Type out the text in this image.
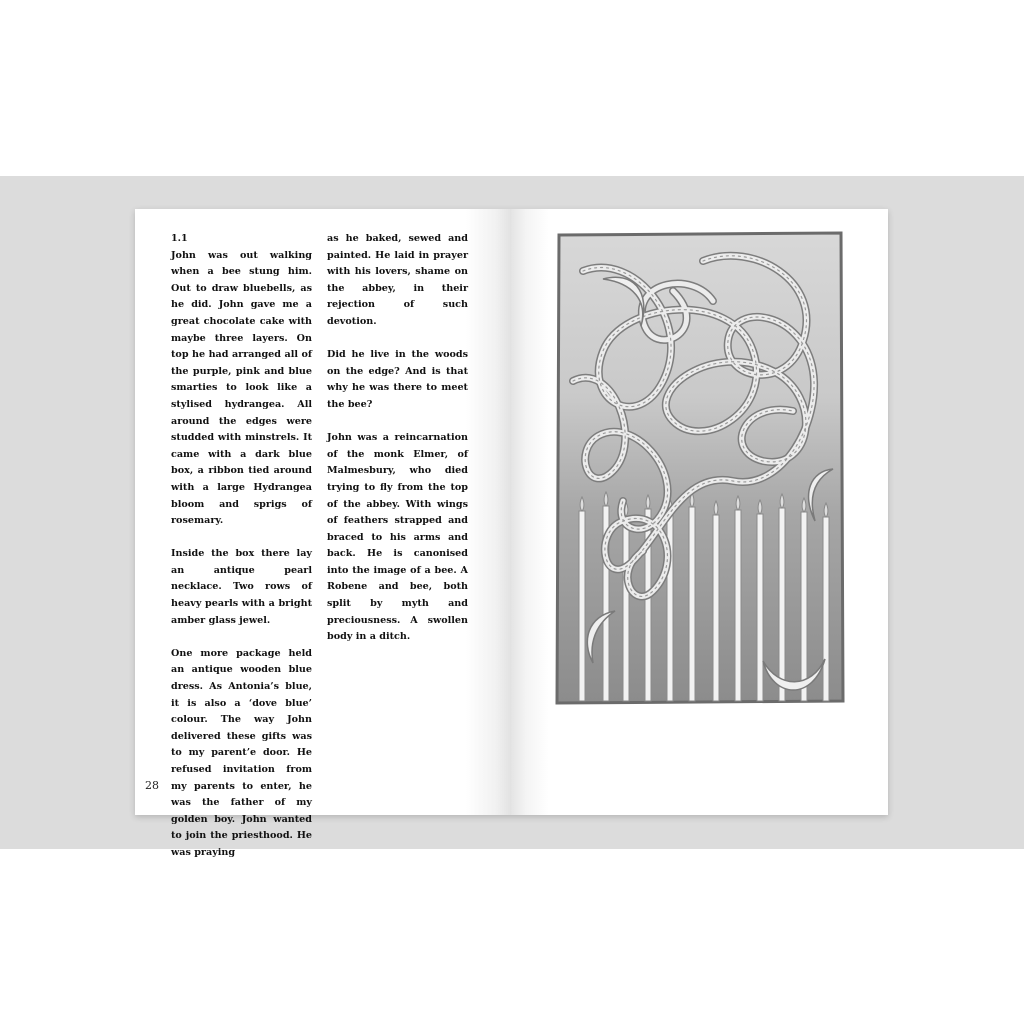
1.1
John was out walking when a bee stung him. Out to draw bluebells, as he did. John gave me a great chocolate cake with maybe three layers. On top he had arranged all of the purple, pink and blue smarties to look like a stylised hydrangea. All around the edges were studded with minstrels. It came with a dark blue box, a ribbon tied around with a large Hydrangea bloom and sprigs of rosemary.

Inside the box there lay an antique pearl necklace. Two rows of heavy pearls with a bright amber glass jewel.

One more package held an antique wooden blue dress. As Antonia’s blue, it is also a ‘dove blue’ colour. The way John delivered these gifts was to my parent’e door. He refused invitation from my parents to enter, he was the father of my golden boy. John wanted to join the priesthood. He was praying

as he baked, sewed and painted. He laid in prayer with his lovers, shame on the abbey, in their rejection of such devotion.

Did he live in the woods on the edge? And is that why he was there to meet the bee?

John was a reincarnation of the monk Elmer, of Malmesbury, who died trying to fly from the top of the abbey. With wings of feathers strapped and braced to his arms and back. He is canonised into the image of a bee. A Robene and bee, both split by myth and preciousness. A swollen body in a ditch.

28
